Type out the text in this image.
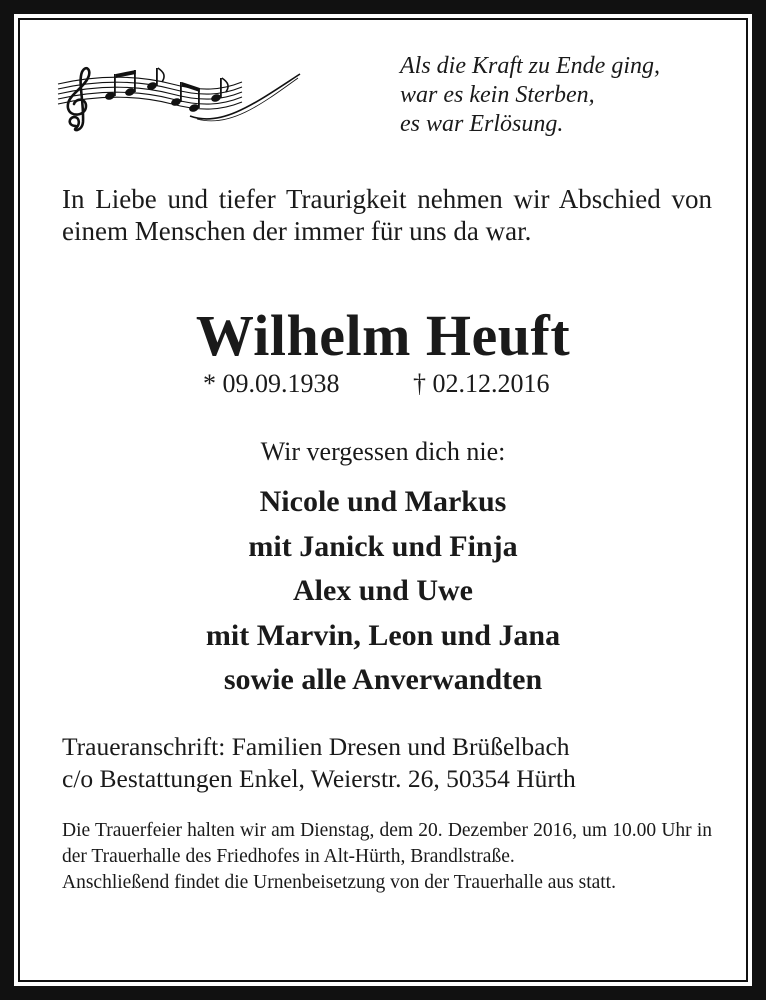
Als die Kraft zu Ende ging,
war es kein Sterben,
es war Erlösung.
In Liebe und tiefer Traurigkeit nehmen wir Abschied von einem Menschen der immer für uns da war.
Wilhelm Heuft
* 09.09.1938	† 02.12.2016
Wir vergessen dich nie:
Nicole und Markus
mit Janick und Finja
Alex und Uwe
mit Marvin, Leon und Jana
sowie alle Anverwandten
Traueranschrift: Familien Dresen und Brüßelbach
c/o Bestattungen Enkel, Weierstr. 26, 50354 Hürth
Die Trauerfeier halten wir am Dienstag, dem 20. Dezember 2016, um 10.00 Uhr in der Trauerhalle des Friedhofes in Alt-Hürth, Brandlstraße.
Anschließend findet die Urnenbeisetzung von der Trauerhalle aus statt.
